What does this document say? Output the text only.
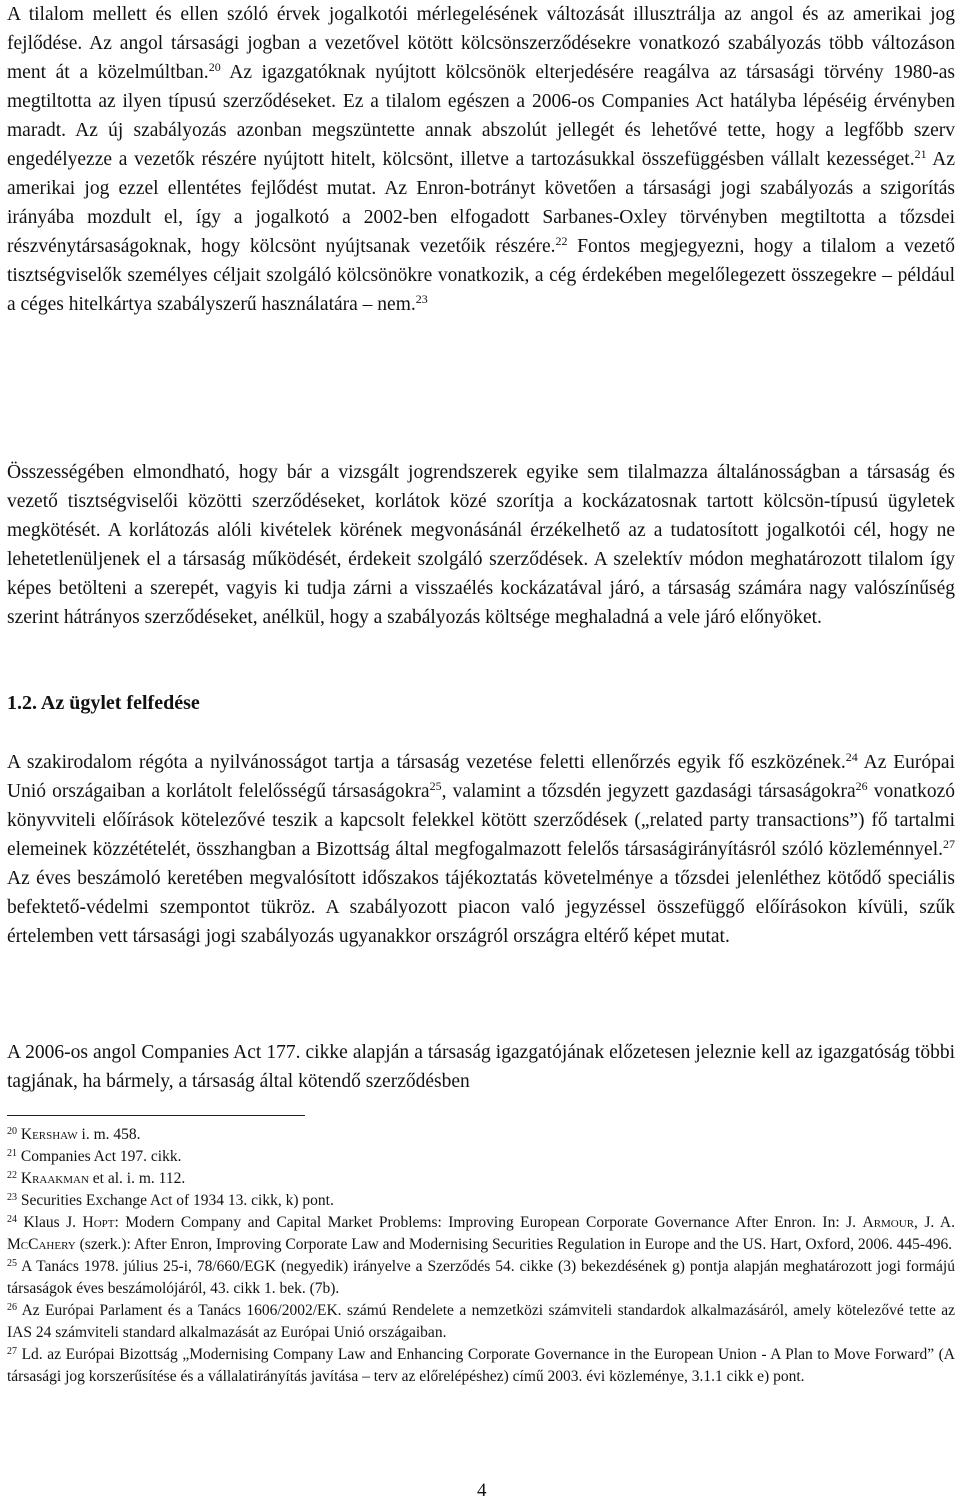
A tilalom mellett és ellen szóló érvek jogalkotói mérlegelésének változását illusztrálja az angol és az amerikai jog fejlődése. Az angol társasági jogban a vezetővel kötött kölcsönszerződésekre vonatkozó szabályozás több változáson ment át a közelmúltban.$^{20}$ Az igazgatóknak nyújtott kölcsönök elterjedésére reagálva az társasági törvény 1980-as megtiltotta az ilyen típusú szerződéseket. Ez a tilalom egészen a 2006-os Companies Act hatályba lépéséig érvényben maradt. Az új szabályozás azonban megszüntette annak abszolút jellegét és lehetővé tette, hogy a legfőbb szerv engedélyezze a vezetők részére nyújtott hitelt, kölcsönt, illetve a tartozásukkal összefüggésben vállalt kezességet.$^{21}$ Az amerikai jog ezzel ellentétes fejlődést mutat. Az Enron-botrányt követően a társasági jogi szabályozás a szigorítás irányába mozdult el, így a jogalkotó a 2002-ben elfogadott Sarbanes-Oxley törvényben megtiltotta a tőzsdei részvénytársaságoknak, hogy kölcsönt nyújtsanak vezetőik részére.$^{22}$ Fontos megjegyezni, hogy a tilalom a vezető tisztségviselők személyes céljait szolgáló kölcsönökre vonatkozik, a cég érdekében megelőlegezett összegekre – például a céges hitelkártya szabályszerű használatára – nem.$^{23}$

Összességében elmondható, hogy bár a vizsgált jogrendszerek egyike sem tilalmazza általánosságban a társaság és vezető tisztségviselői közötti szerződéseket, korlátok közé szorítja a kockázatosnak tartott kölcsön-típusú ügyletek megkötését. A korlátozás alóli kivételek körének megvonásánál érzékelhető az a tudatosított jogalkotói cél, hogy ne lehetetlenüljenek el a társaság működését, érdekeit szolgáló szerződések. A szelektív módon meghatározott tilalom így képes betölteni a szerepét, vagyis ki tudja zárni a visszaélés kockázatával járó, a társaság számára nagy valószínűség szerint hátrányos szerződéseket, anélkül, hogy a szabályozás költsége meghaladná a vele járó előnyöket.

1.2. Az ügylet felfedése

A szakirodalom régóta a nyilvánosságot tartja a társaság vezetése feletti ellenőrzés egyik fő eszközének.$^{24}$ Az Európai Unió országaiban a korlátolt felelősségű társaságokra$^{25}$, valamint a tőzsdén jegyzett gazdasági társaságokra$^{26}$ vonatkozó könyvviteli előírások kötelezővé teszik a kapcsolt felekkel kötött szerződések („related party transactions”) fő tartalmi elemeinek közzétételét, összhangban a Bizottság által megfogalmazott felelős társaságirányításról szóló közleménnyel.$^{27}$ Az éves beszámoló keretében megvalósított időszakos tájékoztatás követelménye a tőzsdei jelenléthez kötődő speciális befektető-védelmi szempontot tükröz. A szabályozott piacon való jegyzéssel összefüggő előírásokon kívüli, szűk értelemben vett társasági jogi szabályozás ugyanakkor országról országra eltérő képet mutat.

A 2006-os angol Companies Act 177. cikke alapján a társaság igazgatójának előzetesen jeleznie kell az igazgatóság többi tagjának, ha bármely, a társaság által kötendő szerződésben

$^{20}$ Kershaw i. m. 458.

$^{21}$ Companies Act 197. cikk.

$^{22}$ Kraakman et al. i. m. 112.

$^{23}$ Securities Exchange Act of 1934 13. cikk, k) pont.

$^{24}$ Klaus J. Hopt: Modern Company and Capital Market Problems: Improving European Corporate Governance After Enron. In: J. Armour, J. A. McCahery (szerk.): After Enron, Improving Corporate Law and Modernising Securities Regulation in Europe and the US. Hart, Oxford, 2006. 445-496.

$^{25}$ A Tanács 1978. július 25-i, 78/660/EGK (negyedik) irányelve a Szerződés 54. cikke (3) bekezdésének g) pontja alapján meghatározott jogi formájú társaságok éves beszámolójáról, 43. cikk 1. bek. (7b).

$^{26}$ Az Európai Parlament és a Tanács 1606/2002/EK. számú Rendelete a nemzetközi számviteli standardok alkalmazásáról, amely kötelezővé tette az IAS 24 számviteli standard alkalmazását az Európai Unió országaiban.

$^{27}$ Ld. az Európai Bizottság „Modernising Company Law and Enhancing Corporate Governance in the European Union - A Plan to Move Forward” (A társasági jog korszerűsítése és a vállalatirányítás javítása – terv az előrelépéshez) című 2003. évi közleménye, 3.1.1 cikk e) pont.

4
